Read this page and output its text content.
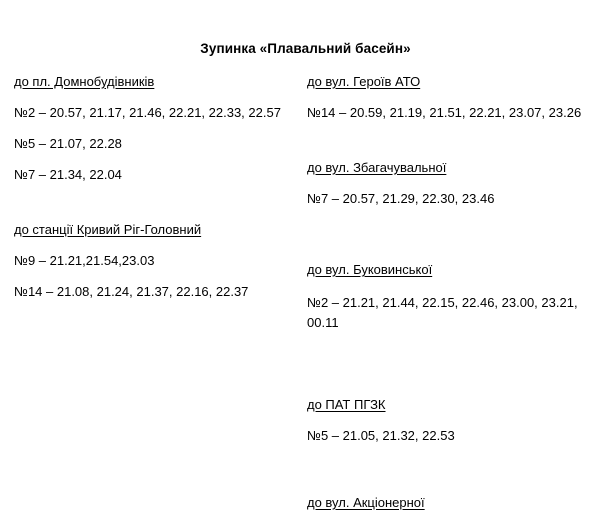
Зупинка «Плавальний басейн»
до пл. Домнобудівників
№2 – 20.57, 21.17, 21.46, 22.21, 22.33, 22.57
№5 – 21.07, 22.28
№7 – 21.34, 22.04
до станції Кривий Ріг-Головний
№9 – 21.21,21.54,23.03
№14 – 21.08, 21.24, 21.37, 22.16, 22.37
до вул. Героїв АТО
№14 – 20.59, 21.19, 21.51, 22.21, 23.07, 23.26
до вул. Збагачувальної
№7 – 20.57, 21.29, 22.30, 23.46
до вул. Буковинської
№2 – 21.21, 21.44, 22.15, 22.46, 23.00, 23.21, 00.11
до ПАТ ПГЗК
№5 – 21.05, 21.32, 22.53
до вул. Акціонерної
